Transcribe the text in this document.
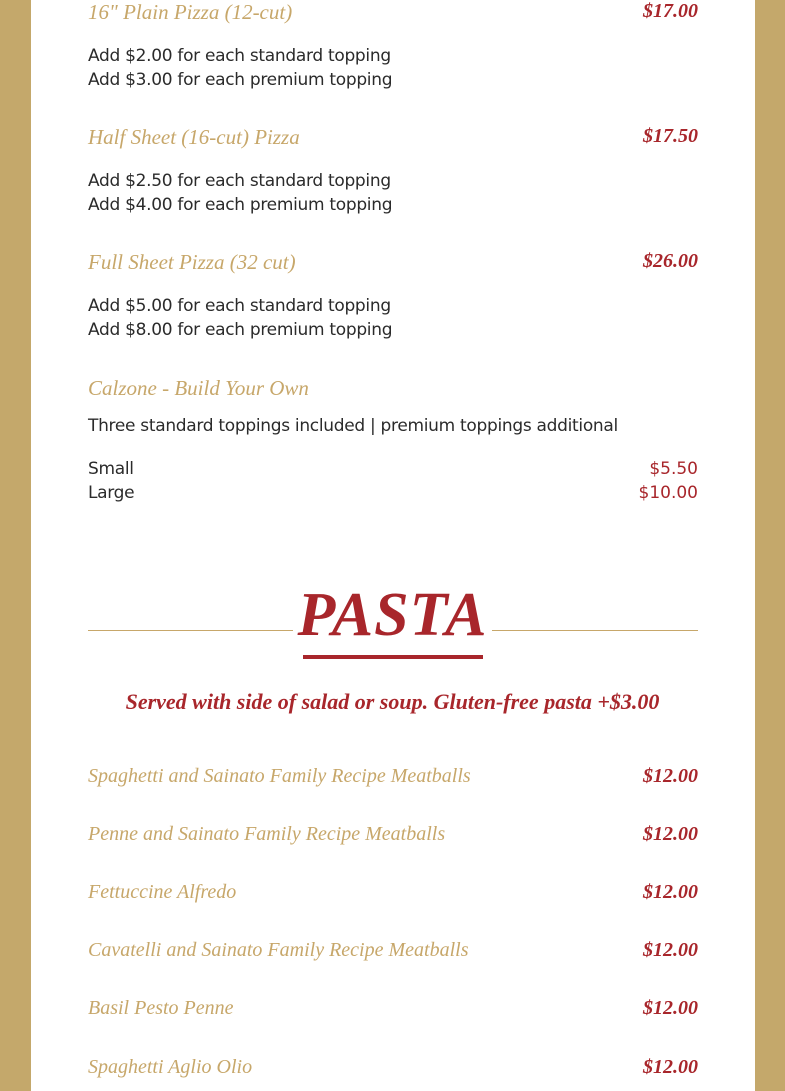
16" Plain Pizza (12-cut)	$17.00
Add $2.00 for each standard topping
Add $3.00 for each premium topping
Half Sheet (16-cut) Pizza	$17.50
Add $2.50 for each standard topping
Add $4.00 for each premium topping
Full Sheet Pizza (32 cut)	$26.00
Add $5.00 for each standard topping
Add $8.00 for each premium topping
Calzone - Build Your Own
Three standard toppings included | premium toppings additional
Small	$5.50
Large	$10.00
PASTA
Served with side of salad or soup. Gluten-free pasta +$3.00
Spaghetti and Sainato Family Recipe Meatballs	$12.00
Penne and Sainato Family Recipe Meatballs	$12.00
Fettuccine Alfredo	$12.00
Cavatelli and Sainato Family Recipe Meatballs	$12.00
Basil Pesto Penne	$12.00
Spaghetti Aglio Olio	$12.00
